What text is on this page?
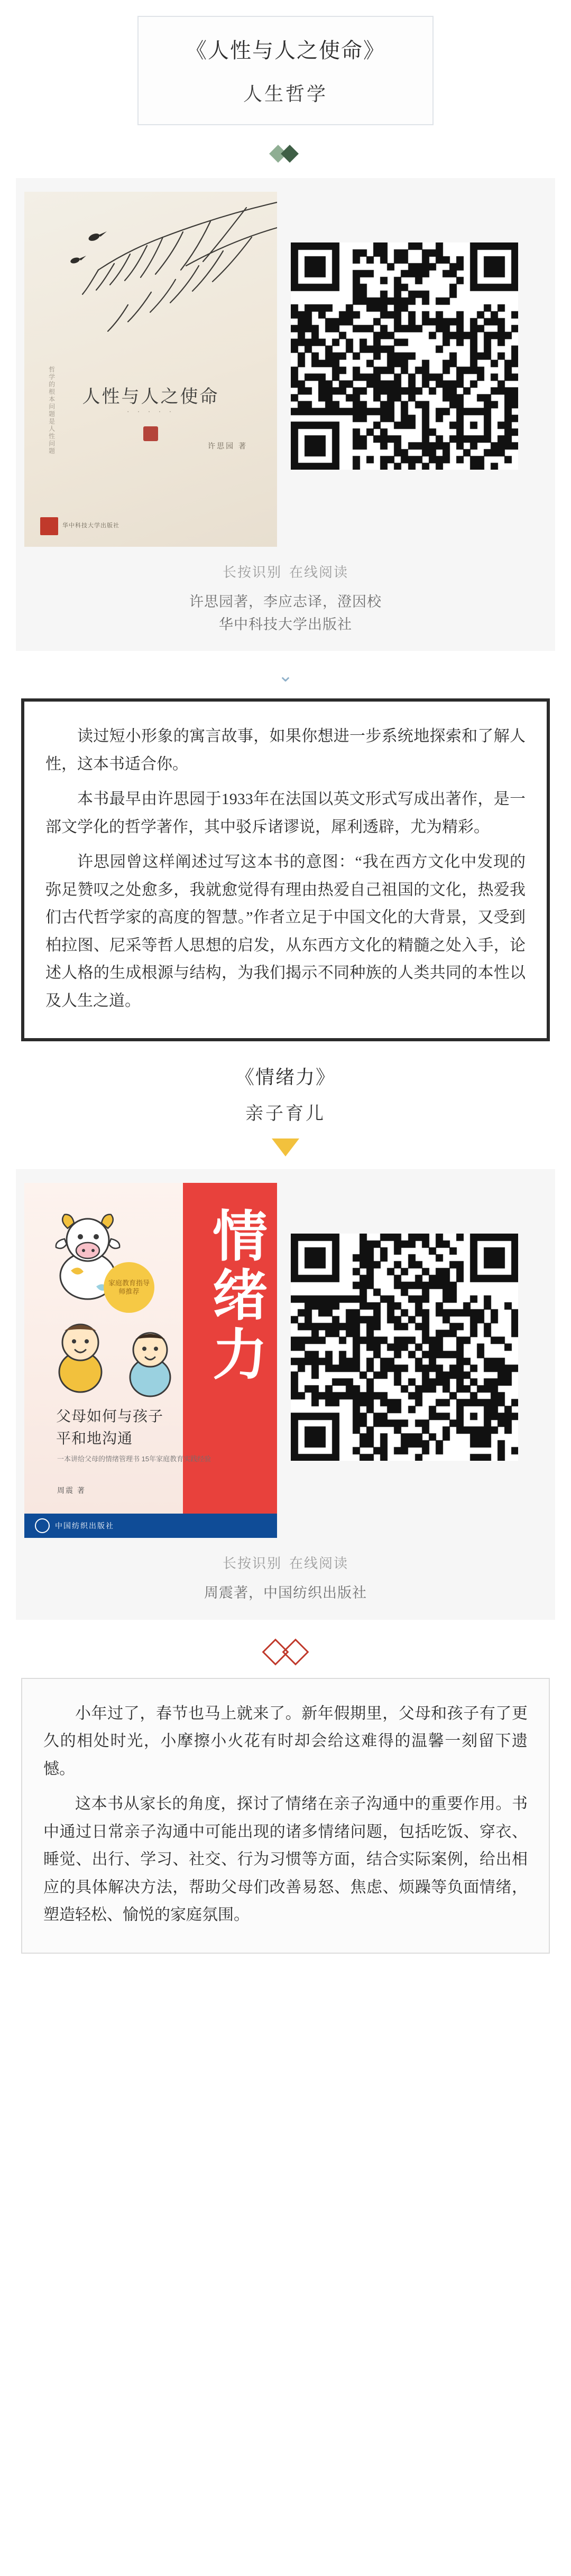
《人性与人之使命》
人生哲学
哲学的根本问题是人性问题	人性与人之使命
· · · · ·
许思园 著
华中科技大学出版社
长按识别 在线阅读
许思园著，李应志译，澄因校
华中科技大学出版社
⌄

读过短小形象的寓言故事，如果你想进一步系统地探索和了解人性，这本书适合你。

本书最早由许思园于1933年在法国以英文形式写成出著作，是一部文学化的哲学著作，其中驳斥诸谬说，犀利透辟，尤为精彩。

许思园曾这样阐述过写这本书的意图：“我在西方文化中发现的弥足赞叹之处愈多，我就愈觉得有理由热爱自己祖国的文化，热爱我们古代哲学家的高度的智慧。”作者立足于中国文化的大背景，又受到柏拉图、尼采等哲人思想的启发，从东西方文化的精髓之处入手，论述人格的生成根源与结构，为我们揭示不同种族的人类共同的本性以及人生之道。

《情绪力》
亲子育儿
情绪力
家庭教育指导师推荐
父母如何与孩子
平和地沟通
一本讲给父母的情绪管理书 15年家庭教育实践经验
周震 著
中国纺织出版社
长按识别 在线阅读
周震著，中国纺织出版社

小年过了，春节也马上就来了。新年假期里，父母和孩子有了更久的相处时光，小摩擦小火花有时却会给这难得的温馨一刻留下遗憾。

这本书从家长的角度，探讨了情绪在亲子沟通中的重要作用。书中通过日常亲子沟通中可能出现的诸多情绪问题，包括吃饭、穿衣、睡觉、出行、学习、社交、行为习惯等方面，结合实际案例，给出相应的具体解决方法，帮助父母们改善易怒、焦虑、烦躁等负面情绪，塑造轻松、愉悦的家庭氛围。
